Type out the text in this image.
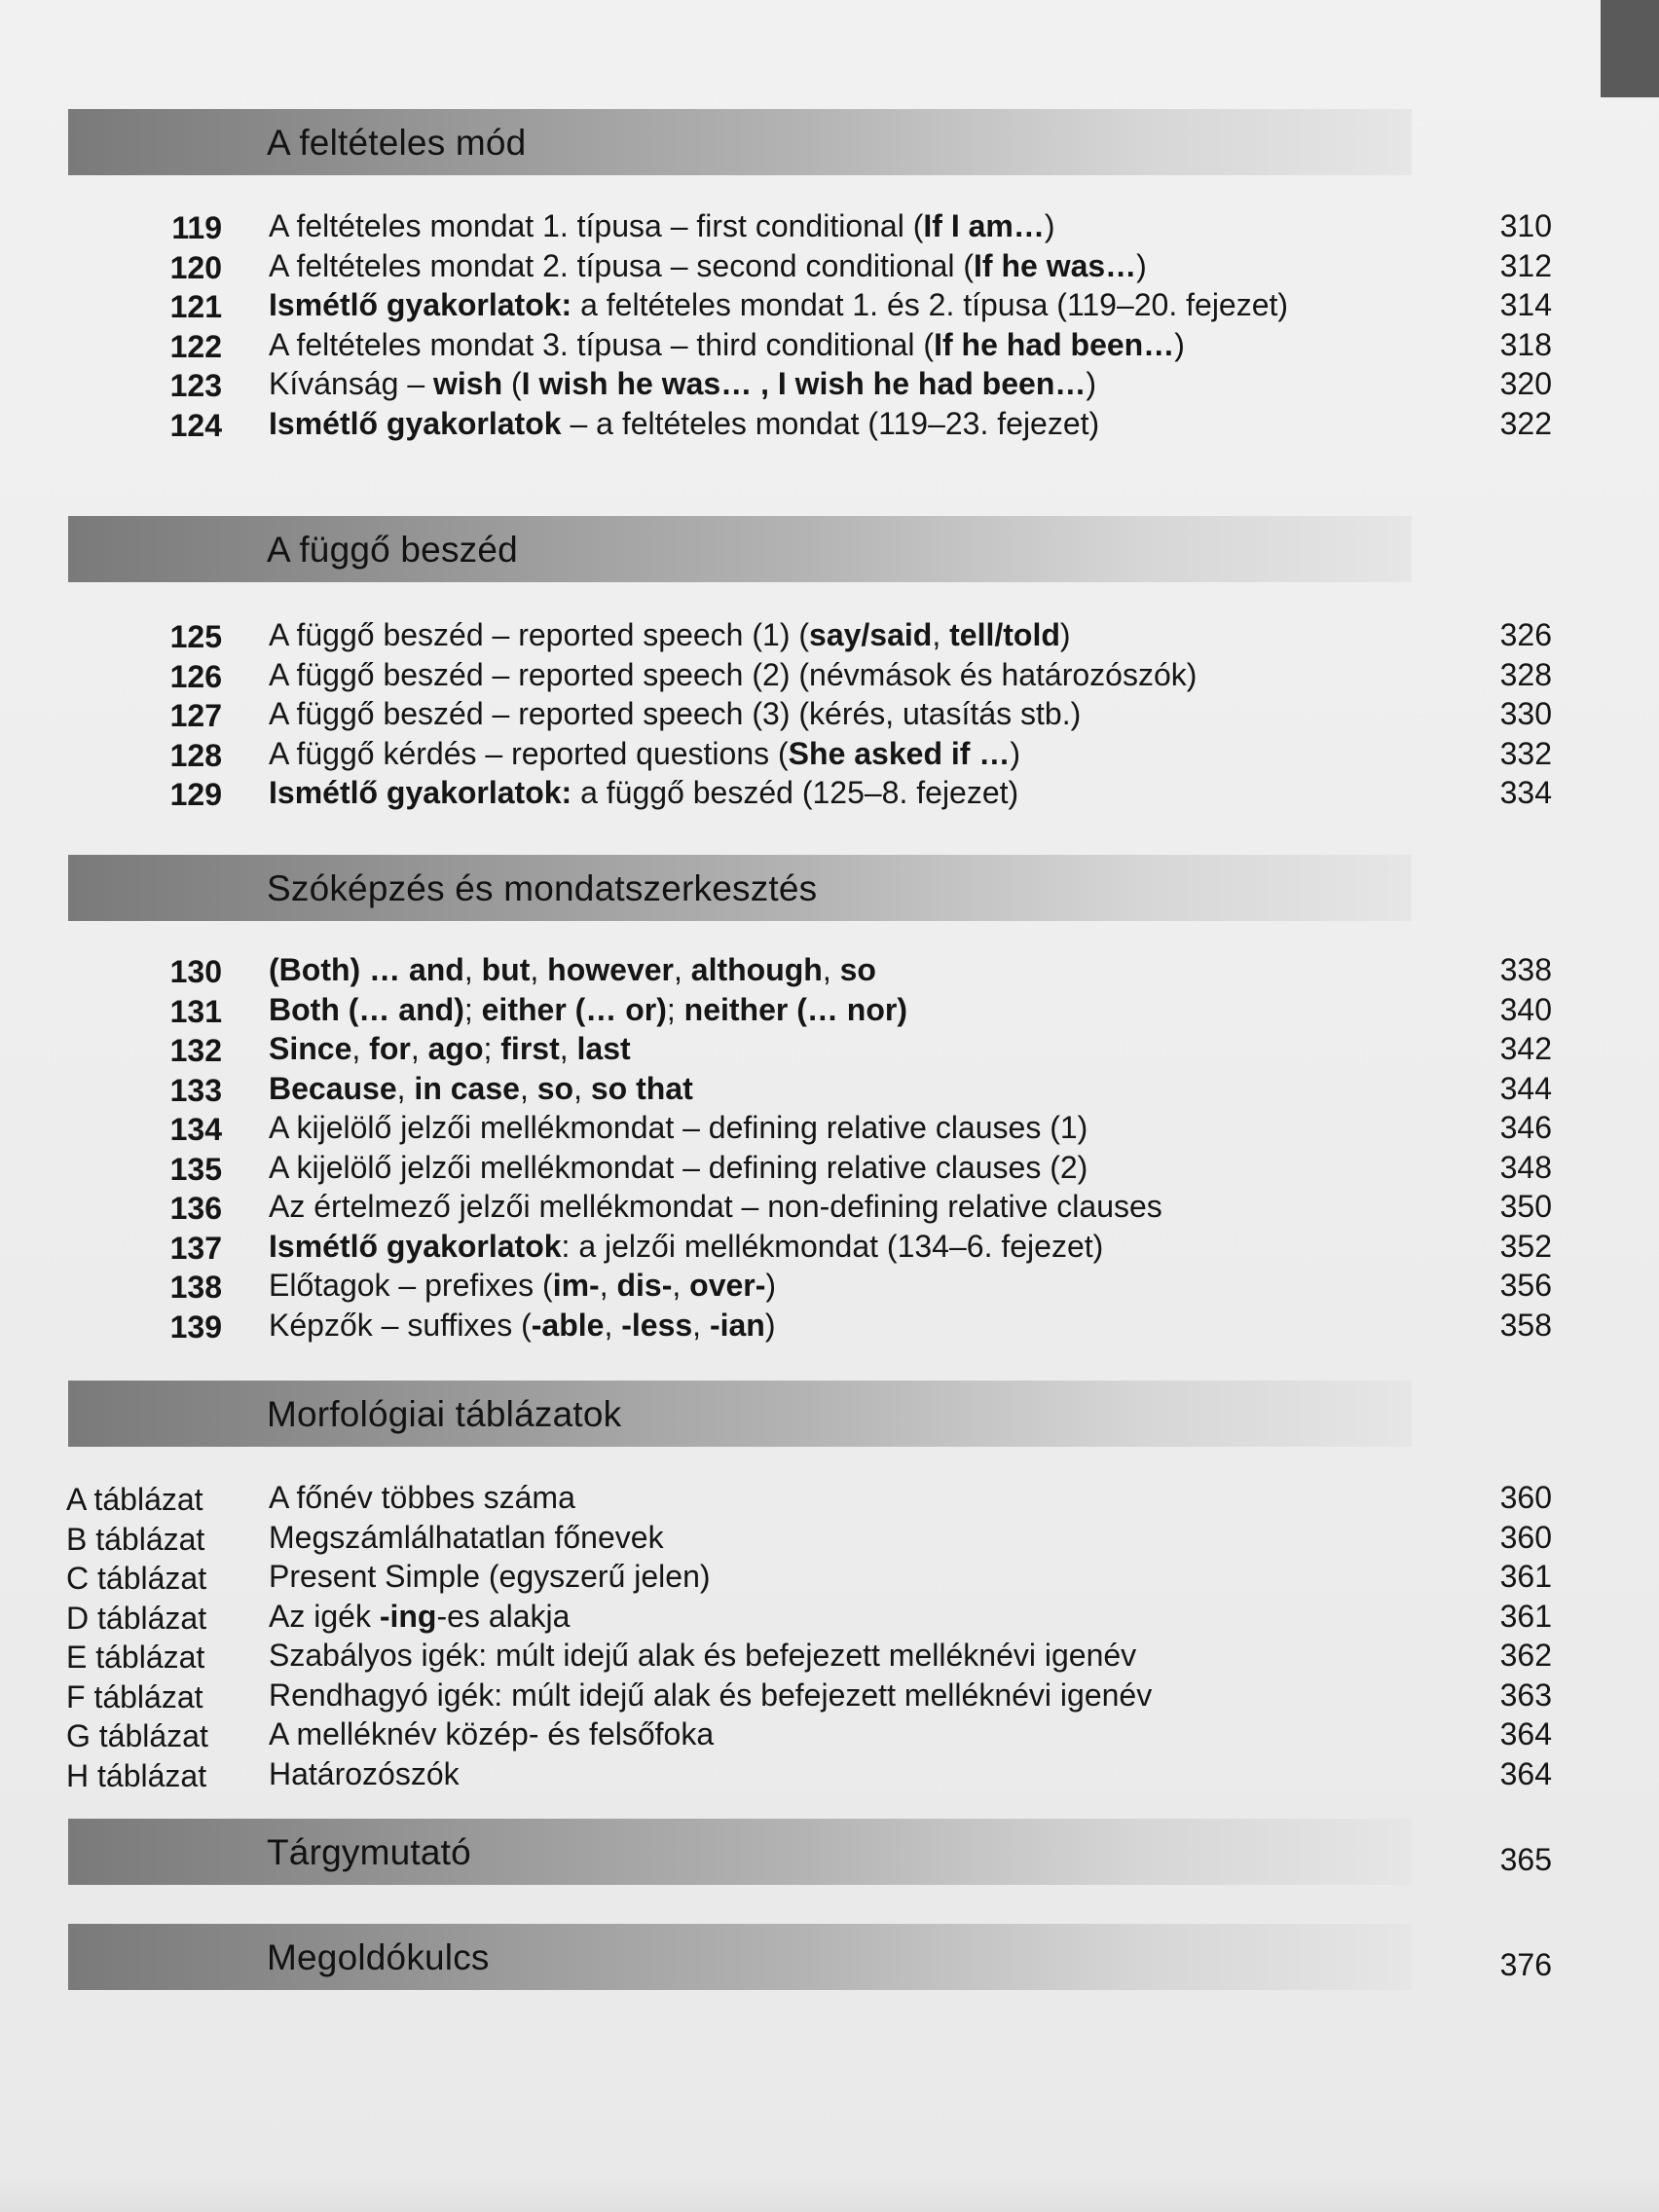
A feltételes mód
119 A feltételes mondat 1. típusa – first conditional (If I am…)	310
120 A feltételes mondat 2. típusa – second conditional (If he was…)	312
121 Ismétlő gyakorlatok: a feltételes mondat 1. és 2. típusa (119–20. fejezet)	314
122 A feltételes mondat 3. típusa – third conditional (If he had been…)	318
123 Kívánság – wish (I wish he was… , I wish he had been…)	320
124 Ismétlő gyakorlatok – a feltételes mondat (119–23. fejezet)	322
A függő beszéd
125 A függő beszéd – reported speech (1) (say/said, tell/told)	326
126 A függő beszéd – reported speech (2) (névmások és határozószók)	328
127 A függő beszéd – reported speech (3) (kérés, utasítás stb.)	330
128 A függő kérdés – reported questions (She asked if …)	332
129 Ismétlő gyakorlatok: a függő beszéd (125–8. fejezet)	334
Szóképzés és mondatszerkesztés
130 (Both) … and, but, however, although, so	338
131 Both (… and); either (… or); neither (… nor)	340
132 Since, for, ago; first, last	342
133 Because, in case, so, so that	344
134 A kijelölő jelzői mellékmondat – defining relative clauses (1)	346
135 A kijelölő jelzői mellékmondat – defining relative clauses (2)	348
136 Az értelmező jelzői mellékmondat – non-defining relative clauses	350
137 Ismétlő gyakorlatok: a jelzői mellékmondat (134–6. fejezet)	352
138 Előtagok – prefixes (im-, dis-, over-)	356
139 Képzők – suffixes (-able, -less, -ian)	358
Morfológiai táblázatok
A táblázat A főnév többes száma	360
B táblázat Megszámlálhatatlan főnevek	360
C táblázat Present Simple (egyszerű jelen)	361
D táblázat Az igék -ing-es alakja	361
E táblázat Szabályos igék: múlt idejű alak és befejezett melléknévi igenév	362
F táblázat Rendhagyó igék: múlt idejű alak és befejezett melléknévi igenév	363
G táblázat A melléknév közép- és felsőfoka	364
H táblázat Határozószók	364
Tárgymutató	365
Megoldókulcs	376
